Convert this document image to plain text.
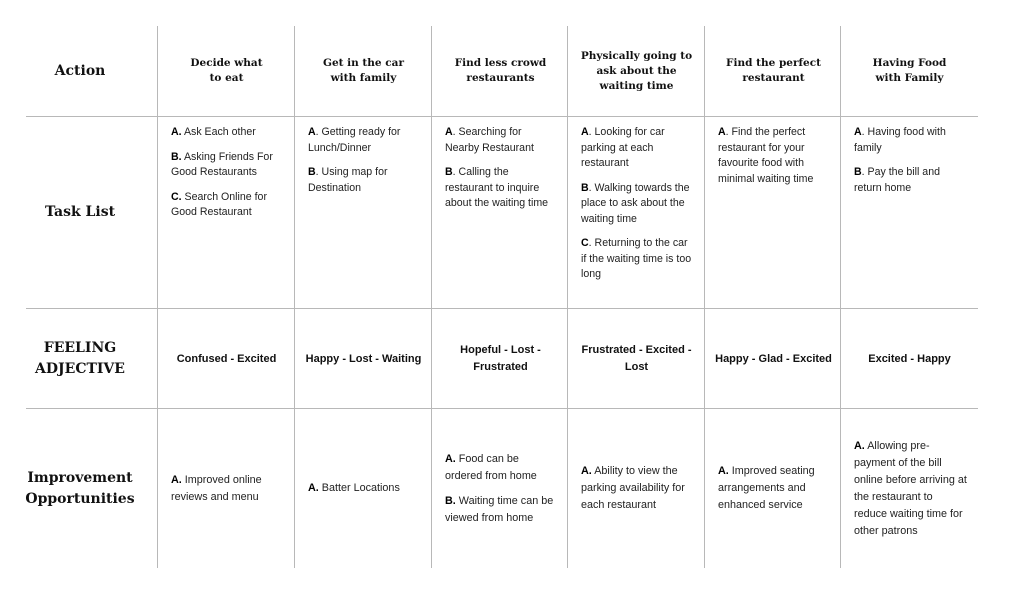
Action
Task List
FEELING
ADJECTIVE
Improvement
Opportunities
Decide what
to eat

A. Ask Each other

B. Asking Friends For Good Restaurants

C. Search Online for Good Restaurant

Confused - Excited

A. Improved online reviews and menu

Get in the car
with family

A. Getting ready for Lunch/Dinner

B. Using map for Destination

Happy - Lost - Waiting

A. Batter Locations

Find less crowd
restaurants

A. Searching for Nearby Restaurant

B. Calling the restaurant to inquire about the waiting time

Hopeful - Lost - Frustrated

A. Food can be ordered from home

B. Waiting time can be viewed from home

Physically going to
ask about the
waiting time

A. Looking for car parking at each restaurant

B. Walking towards the place to ask about the waiting time

C. Returning to the car if the waiting time is too long

Frustrated - Excited - Lost

A. Ability to view the parking availability for each restaurant

Find the perfect
restaurant

A. Find the perfect restaurant for your favourite food with minimal waiting time

Happy - Glad - Excited

A. Improved seating arrangements and enhanced service

Having Food
with Family

A. Having food with family

B. Pay the bill and return home

Excited - Happy

A. Allowing pre-payment of the bill online before arriving at the restaurant to reduce waiting time for other patrons
